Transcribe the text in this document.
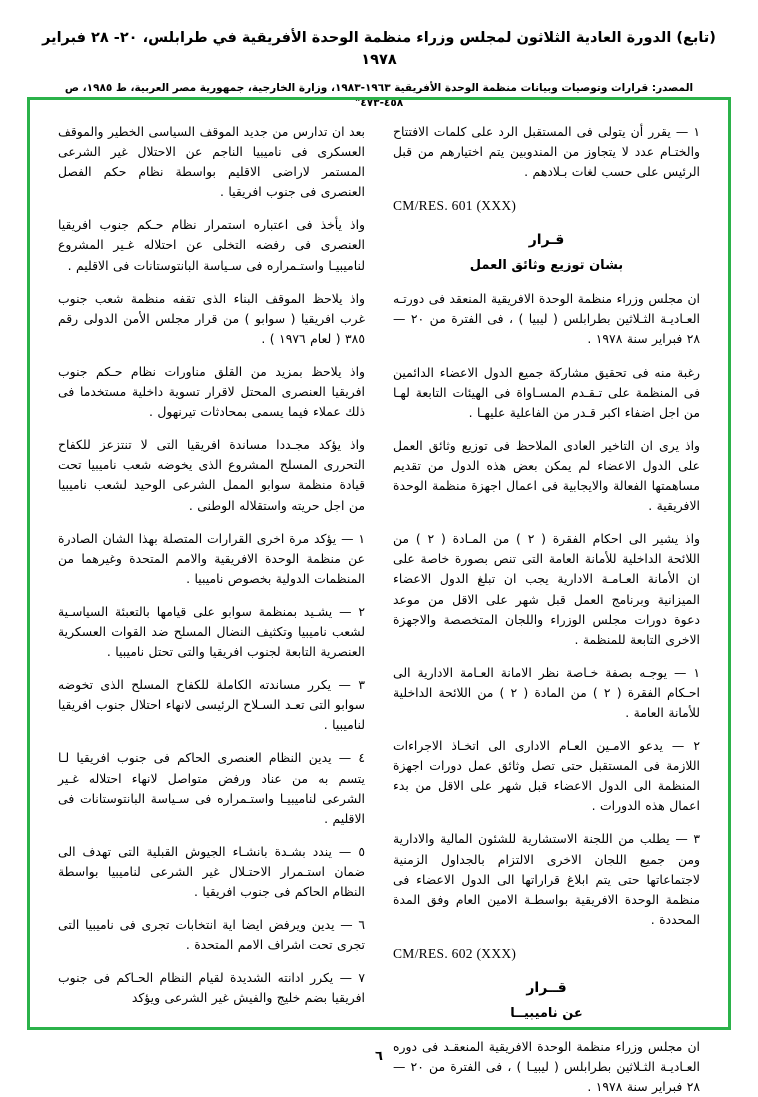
(تابع) الدورة العادية الثلاثون لمجلس وزراء منظمة الوحدة الأفريقية في طرابلس، ٢٠- ٢٨ فبراير ١٩٧٨
المصدر: ‏‏قرارات وتوصيات وبيانات منظمة الوحدة الأفريقية ١٩٦٣-١٩٨٣، وزارة الخارجية، جمهورية مصر العربية، ط ١٩٨٥، ص ٤٥٨-٤٧٣"

١ — يقرر أن يتولى فى المستقبل الرد على كلمات الافتتاح والختـام عدد لا يتجاوز من المندوبين يتم اختيارهم من قبل الرئيس على حسب لغات بـلادهم .

CM/RES. 601 (XXX)
قـرار
بشان توزيع وثائق العمل

ان مجلس وزراء منظمة الوحدة الافريقية المنعقد فى دورتـه العـاديـة الثـلاثين بطرابلس ( ليبيا ) ، فى الفترة من ٢٠ — ٢٨ فبراير سنة ١٩٧٨ .

رغبة منه فى تحقيق مشاركة جميع الدول الاعضاء الدائمين فى المنظمة على تـقـدم المسـاواة فى الهيئات التابعة لهـا من اجل اضفاء اكبر قـدر من الفاعلية عليهـا .

واذ يرى ان التاخير العادى الملاحظ فى توزيع وثائق العمل على الدول الاعضاء لم يمكن بعض هذه الدول من تقديم مساهمتها الفعالة والايجابية فى اعمال اجهزة منظمة الوحدة الافريقية .

واذ يشير الى احكام الفقرة ( ٢ ) من المـادة ( ٢ ) من اللائحة الداخلية للأمانة العامة التى تنص بصورة خاصة على ان الأمانة العـامـة الادارية يجب ان تبلغ الدول الاعضاء الميزانية وبرنامج العمل قبل شهر على الاقل من موعد دعوة دورات مجلس الوزراء واللجان المتخصصة والاجهزة الاخرى التابعة للمنظمة .

١ — يوجـه بصفة خـاصة نظر الامانة العـامة الادارية الى احـكام الفقرة ( ٢ ) من المادة ( ٢ ) من اللائحة الداخلية للأمانة العامة .

٢ — يدعو الامـين العـام الادارى الى اتخـاذ الاجراءات اللازمة فى المستقبل حتى تصل وثائق عمل دورات اجهزة المنظمة الى الدول الاعضاء قبل شهر على الاقل من بدء اعمال هذه الدورات .

٣ — يطلب من اللجنة الاستشارية للشئون المالية والادارية ومن جميع اللجان الاخرى الالتزام بالجداول الزمنية لاجتماعاتها حتى يتم ابلاغ قراراتها الى الدول الاعضاء فى منظمة الوحدة الافريقية بواسطـة الامين العام وفق المدة المحددة .

CM/RES. 602 (XXX)
قــرار
عن ناميبيــا

ان مجلس وزراء منظمة الوحدة الافريقية المنعقـد فى دوره العـاديـة الثـلاثين بطرابلس ( ليبيـا ) ، فى الفترة من ٢٠ — ٢٨ فبراير سنة ١٩٧٨ .

بعد ان تدارس من جديد الموقف السياسى الخطير والموقف العسكرى فى ناميبيا الناجم عن الاحتلال غير الشرعى المستمر لاراضى الاقليم بواسطة نظام حكم الفصل العنصرى فى جنوب افريقيا .

واذ يأخذ فى اعتباره استمرار نظام حـكم جنوب افريقيا العنصرى فى رفضه التخلى عن احتلاله غـير المشروع لناميبيـا واستـمراره فى سـياسة البانتوستانات فى الاقليم .

واذ يلاحظ الموقف البناء الذى تقفه منظمة شعب جنوب غرب افريقيا ( سوابو ) من قرار مجلس الأمن الدولى رقم ٣٨٥ ( لعام ١٩٧٦ ) .

واذ يلاحظ بمزيد من القلق مناورات نظام حـكم جنوب افريقيا العنصرى المحتل لاقرار تسوية داخلية مستخدما فى ذلك عملاء فيما يسمى بمحادثات تيرنهول .

واذ يؤكد مجـددا مساندة افريقيا التى لا تنتزعز للكفاح التحررى المسلح المشروع الذى يخوضه شعب ناميبيا تحت قيادة منظمة سوابو الممل الشرعى الوحيد لشعب ناميبيا من اجل حريته واستقلاله الوطنى .

١ — يؤكد مرة اخرى القرارات المتصلة بهذا الشان الصادرة عن منظمة الوحدة الافريقية والامم المتحدة وغيرهما من المنظمات الدولية بخصوص ناميبيا .

٢ — يشـيد بمنظمة سوابو على قيامها بالتعبئة السياسـية لشعب ناميبيا وتكثيف النضال المسلح ضد القوات العسكرية العنصرية التابعة لجنوب افريقيا والتى تحتل ناميبيا .

٣ — يكرر مساندته الكاملة للكفاح المسلح الذى تخوضه سوابو التى تعـد السـلاح الرئيسى لانهاء احتلال جنوب افريقيا لناميبيا .

٤ — يدين النظام العنصرى الحاكم فى جنوب افريقيا لـا يتسم به من عناد ورفض متواصل لانهاء احتلاله غـير الشرعى لناميبيـا واستـمراره فى سـياسة البانتوستانات فى الاقليم .

٥ — يندد بشـدة بانشـاء الجيوش القبلية التى تهدف الى ضمان استـمرار الاحتـلال غير الشرعى لناميبيا بواسطة النظام الحاكم فى جنوب افريقيا .

٦ — يدين ويرفض ايضا اية انتخابات تجرى فى ناميبيا التى تجرى تحت اشراف الامم المتحدة .

٧ — يكرر ادانته الشديدة لقيام النظام الحـاكم فى جنوب افريقيا بضم خليج والفيش غير الشرعى ويؤكد

٦
